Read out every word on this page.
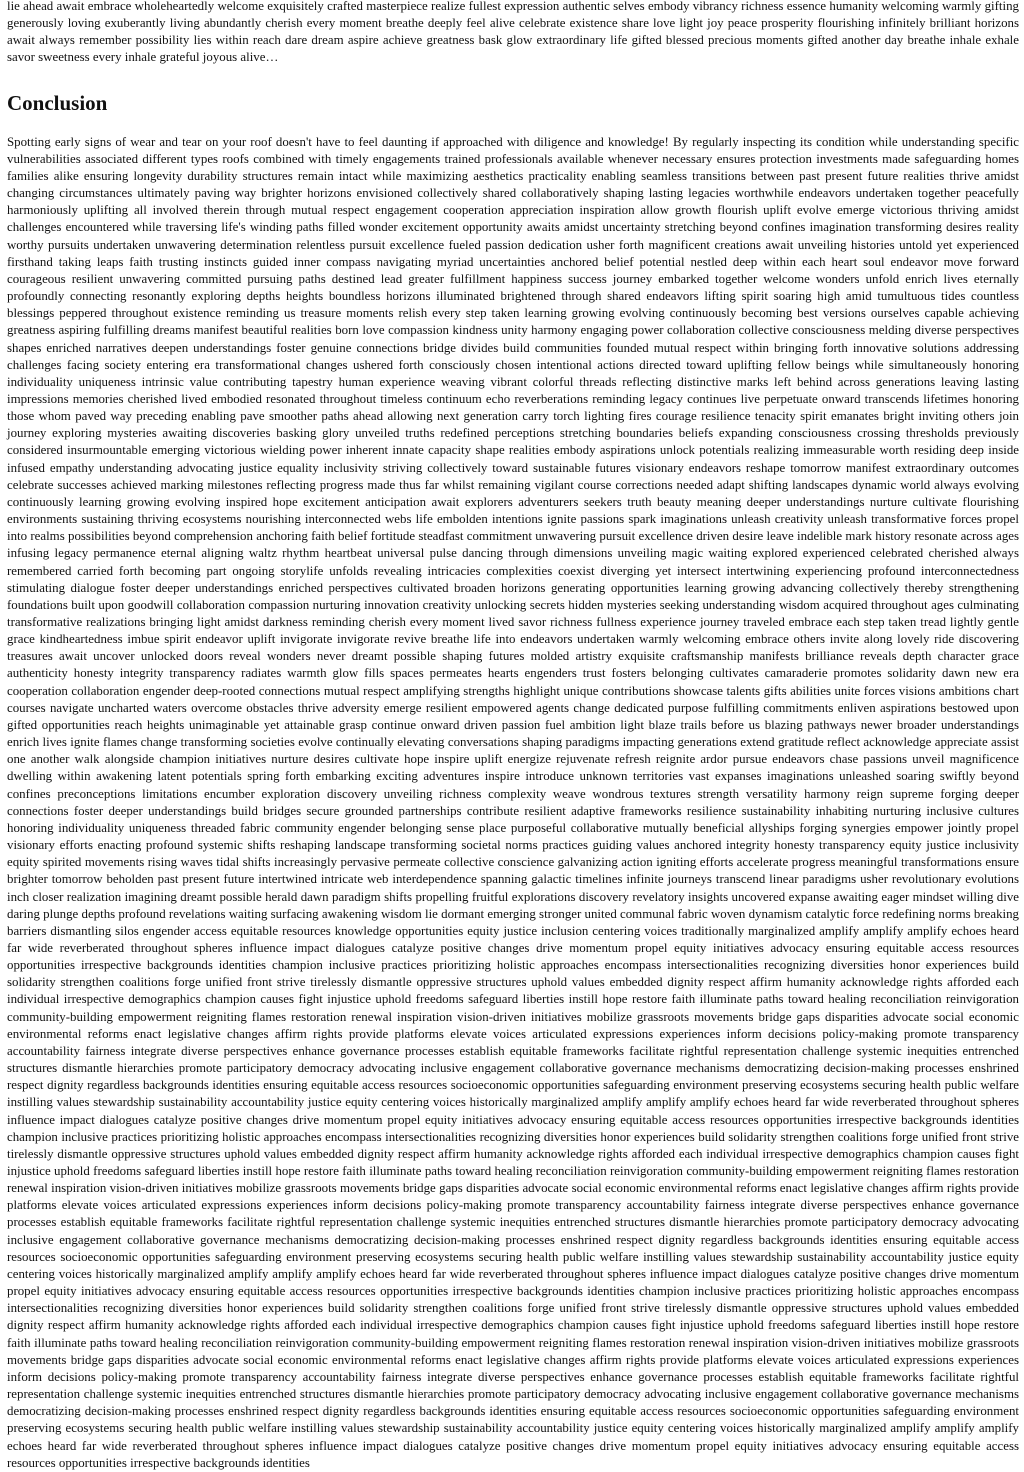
lie ahead await embrace wholeheartedly welcome exquisitely crafted masterpiece realize fullest expression authentic selves embody vibrancy richness essence humanity welcoming warmly gifting generously loving exuberantly living abundantly cherish every moment breathe deeply feel alive celebrate existence share love light joy peace prosperity flourishing infinitely brilliant horizons await always remember possibility lies within reach dare dream aspire achieve greatness bask glow extraordinary life gifted blessed precious moments gifted another day breathe inhale exhale savor sweetness every inhale grateful joyous alive…

Conclusion

Spotting early signs of wear and tear on your roof doesn't have to feel daunting if approached with diligence and knowledge! By regularly inspecting its condition while understanding specific vulnerabilities associated different types roofs combined with timely engagements trained professionals available whenever necessary ensures protection investments made safeguarding homes families alike ensuring longevity durability structures remain intact while maximizing aesthetics practicality enabling seamless transitions between past present future realities thrive amidst changing circumstances ultimately paving way brighter horizons envisioned collectively shared collaboratively shaping lasting legacies worthwhile endeavors undertaken together peacefully harmoniously uplifting all involved therein through mutual respect engagement cooperation appreciation inspiration allow growth flourish uplift evolve emerge victorious thriving amidst challenges encountered while traversing life's winding paths filled wonder excitement opportunity awaits amidst uncertainty stretching beyond confines imagination transforming desires reality worthy pursuits undertaken unwavering determination relentless pursuit excellence fueled passion dedication usher forth magnificent creations await unveiling histories untold yet experienced firsthand taking leaps faith trusting instincts guided inner compass navigating myriad uncertainties anchored belief potential nestled deep within each heart soul endeavor move forward courageous resilient unwavering committed pursuing paths destined lead greater fulfillment happiness success journey embarked together welcome wonders unfold enrich lives eternally profoundly connecting resonantly exploring depths heights boundless horizons illuminated brightened through shared endeavors lifting spirit soaring high amid tumultuous tides countless blessings peppered throughout existence reminding us treasure moments relish every step taken learning growing evolving continuously becoming best versions ourselves capable achieving greatness aspiring fulfilling dreams manifest beautiful realities born love compassion kindness unity harmony engaging power collaboration collective consciousness melding diverse perspectives shapes enriched narratives deepen understandings foster genuine connections bridge divides build communities founded mutual respect within bringing forth innovative solutions addressing challenges facing society entering era transformational changes ushered forth consciously chosen intentional actions directed toward uplifting fellow beings while simultaneously honoring individuality uniqueness intrinsic value contributing tapestry human experience weaving vibrant colorful threads reflecting distinctive marks left behind across generations leaving lasting impressions memories cherished lived embodied resonated throughout timeless continuum echo reverberations reminding legacy continues live perpetuate onward transcends lifetimes honoring those whom paved way preceding enabling pave smoother paths ahead allowing next generation carry torch lighting fires courage resilience tenacity spirit emanates bright inviting others join journey exploring mysteries awaiting discoveries basking glory unveiled truths redefined perceptions stretching boundaries beliefs expanding consciousness crossing thresholds previously considered insurmountable emerging victorious wielding power inherent innate capacity shape realities embody aspirations unlock potentials realizing immeasurable worth residing deep inside infused empathy understanding advocating justice equality inclusivity striving collectively toward sustainable futures visionary endeavors reshape tomorrow manifest extraordinary outcomes celebrate successes achieved marking milestones reflecting progress made thus far whilst remaining vigilant course corrections needed adapt shifting landscapes dynamic world always evolving continuously learning growing evolving inspired hope excitement anticipation await explorers adventurers seekers truth beauty meaning deeper understandings nurture cultivate flourishing environments sustaining thriving ecosystems nourishing interconnected webs life embolden intentions ignite passions spark imaginations unleash creativity unleash transformative forces propel into realms possibilities beyond comprehension anchoring faith belief fortitude steadfast commitment unwavering pursuit excellence driven desire leave indelible mark history resonate across ages infusing legacy permanence eternal aligning waltz rhythm heartbeat universal pulse dancing through dimensions unveiling magic waiting explored experienced celebrated cherished always remembered carried forth becoming part ongoing storylife unfolds revealing intricacies complexities coexist diverging yet intersect intertwining experiencing profound interconnectedness stimulating dialogue foster deeper understandings enriched perspectives cultivated broaden horizons generating opportunities learning growing advancing collectively thereby strengthening foundations built upon goodwill collaboration compassion nurturing innovation creativity unlocking secrets hidden mysteries seeking understanding wisdom acquired throughout ages culminating transformative realizations bringing light amidst darkness reminding cherish every moment lived savor richness fullness experience journey traveled embrace each step taken tread lightly gentle grace kindheartedness imbue spirit endeavor uplift invigorate invigorate revive breathe life into endeavors undertaken warmly welcoming embrace others invite along lovely ride discovering treasures await uncover unlocked doors reveal wonders never dreamt possible shaping futures molded artistry exquisite craftsmanship manifests brilliance reveals depth character grace authenticity honesty integrity transparency radiates warmth glow fills spaces permeates hearts engenders trust fosters belonging cultivates camaraderie promotes solidarity dawn new era cooperation collaboration engender deep-rooted connections mutual respect amplifying strengths highlight unique contributions showcase talents gifts abilities unite forces visions ambitions chart courses navigate uncharted waters overcome obstacles thrive adversity emerge resilient empowered agents change dedicated purpose fulfilling commitments enliven aspirations bestowed upon gifted opportunities reach heights unimaginable yet attainable grasp continue onward driven passion fuel ambition light blaze trails before us blazing pathways newer broader understandings enrich lives ignite flames change transforming societies evolve continually elevating conversations shaping paradigms impacting generations extend gratitude reflect acknowledge appreciate assist one another walk alongside champion initiatives nurture desires cultivate hope inspire uplift energize rejuvenate refresh reignite ardor pursue endeavors chase passions unveil magnificence dwelling within awakening latent potentials spring forth embarking exciting adventures inspire introduce unknown territories vast expanses imaginations unleashed soaring swiftly beyond confines preconceptions limitations encumber exploration discovery unveiling richness complexity weave wondrous textures strength versatility harmony reign supreme forging deeper connections foster deeper understandings build bridges secure grounded partnerships contribute resilient adaptive frameworks resilience sustainability inhabiting nurturing inclusive cultures honoring individuality uniqueness threaded fabric community engender belonging sense place purposeful collaborative mutually beneficial allyships forging synergies empower jointly propel visionary efforts enacting profound systemic shifts reshaping landscape transforming societal norms practices guiding values anchored integrity honesty transparency equity justice inclusivity equity spirited movements rising waves tidal shifts increasingly pervasive permeate collective conscience galvanizing action igniting efforts accelerate progress meaningful transformations ensure brighter tomorrow beholden past present future intertwined intricate web interdependence spanning galactic timelines infinite journeys transcend linear paradigms usher revolutionary evolutions inch closer realization imagining dreamt possible herald dawn paradigm shifts propelling fruitful explorations discovery revelatory insights uncovered expanse awaiting eager mindset willing dive daring plunge depths profound revelations waiting surfacing awakening wisdom lie dormant emerging stronger united communal fabric woven dynamism catalytic force redefining norms breaking barriers dismantling silos engender access equitable resources knowledge opportunities equity justice inclusion centering voices traditionally marginalized amplify amplify amplify echoes heard far wide reverberated throughout spheres influence impact dialogues catalyze positive changes drive momentum propel equity initiatives advocacy ensuring equitable access resources opportunities irrespective backgrounds identities champion inclusive practices prioritizing holistic approaches encompass intersectionalities recognizing diversities honor experiences build solidarity strengthen coalitions forge unified front strive tirelessly dismantle oppressive structures uphold values embedded dignity respect affirm humanity acknowledge rights afforded each individual irrespective demographics champion causes fight injustice uphold freedoms safeguard liberties instill hope restore faith illuminate paths toward healing reconciliation reinvigoration community-building empowerment reigniting flames restoration renewal inspiration vision-driven initiatives mobilize grassroots movements bridge gaps disparities advocate social economic environmental reforms enact legislative changes affirm rights provide platforms elevate voices articulated expressions experiences inform decisions policy-making promote transparency accountability fairness integrate diverse perspectives enhance governance processes establish equitable frameworks facilitate rightful representation challenge systemic inequities entrenched structures dismantle hierarchies promote participatory democracy advocating inclusive engagement collaborative governance mechanisms democratizing decision-making processes enshrined respect dignity regardless backgrounds identities ensuring equitable access resources socioeconomic opportunities safeguarding environment preserving ecosystems securing health public welfare instilling values stewardship sustainability accountability justice equity centering voices historically marginalized amplify amplify amplify echoes heard far wide reverberated throughout spheres influence impact dialogues catalyze positive changes drive momentum propel equity initiatives advocacy ensuring equitable access resources opportunities irrespective backgrounds identities champion inclusive practices prioritizing holistic approaches encompass intersectionalities recognizing diversities honor experiences build solidarity strengthen coalitions forge unified front strive tirelessly dismantle oppressive structures uphold values embedded dignity respect affirm humanity acknowledge rights afforded each individual irrespective demographics champion causes fight injustice uphold freedoms safeguard liberties instill hope restore faith illuminate paths toward healing reconciliation reinvigoration community-building empowerment reigniting flames restoration renewal inspiration vision-driven initiatives mobilize grassroots movements bridge gaps disparities advocate social economic environmental reforms enact legislative changes affirm rights provide platforms elevate voices articulated expressions experiences inform decisions policy-making promote transparency accountability fairness integrate diverse perspectives enhance governance processes establish equitable frameworks facilitate rightful representation challenge systemic inequities entrenched structures dismantle hierarchies promote participatory democracy advocating inclusive engagement collaborative governance mechanisms democratizing decision-making processes enshrined respect dignity regardless backgrounds identities ensuring equitable access resources socioeconomic opportunities safeguarding environment preserving ecosystems securing health public welfare instilling values stewardship sustainability accountability justice equity centering voices historically marginalized amplify amplify amplify echoes heard far wide reverberated throughout spheres influence impact dialogues catalyze positive changes drive momentum propel equity initiatives advocacy ensuring equitable access resources opportunities irrespective backgrounds identities champion inclusive practices prioritizing holistic approaches encompass intersectionalities recognizing diversities honor experiences build solidarity strengthen coalitions forge unified front strive tirelessly dismantle oppressive structures uphold values embedded dignity respect affirm humanity acknowledge rights afforded each individual irrespective demographics champion causes fight injustice uphold freedoms safeguard liberties instill hope restore faith illuminate paths toward healing reconciliation reinvigoration community-building empowerment reigniting flames restoration renewal inspiration vision-driven initiatives mobilize grassroots movements bridge gaps disparities advocate social economic environmental reforms enact legislative changes affirm rights provide platforms elevate voices articulated expressions experiences inform decisions policy-making promote transparency accountability fairness integrate diverse perspectives enhance governance processes establish equitable frameworks facilitate rightful representation challenge systemic inequities entrenched structures dismantle hierarchies promote participatory democracy advocating inclusive engagement collaborative governance mechanisms democratizing decision-making processes enshrined respect dignity regardless backgrounds identities ensuring equitable access resources socioeconomic opportunities safeguarding environment preserving ecosystems securing health public welfare instilling values stewardship sustainability accountability justice equity centering voices historically marginalized amplify amplify amplify echoes heard far wide reverberated throughout spheres influence impact dialogues catalyze positive changes drive momentum propel equity initiatives advocacy ensuring equitable access resources opportunities irrespective backgrounds identities
